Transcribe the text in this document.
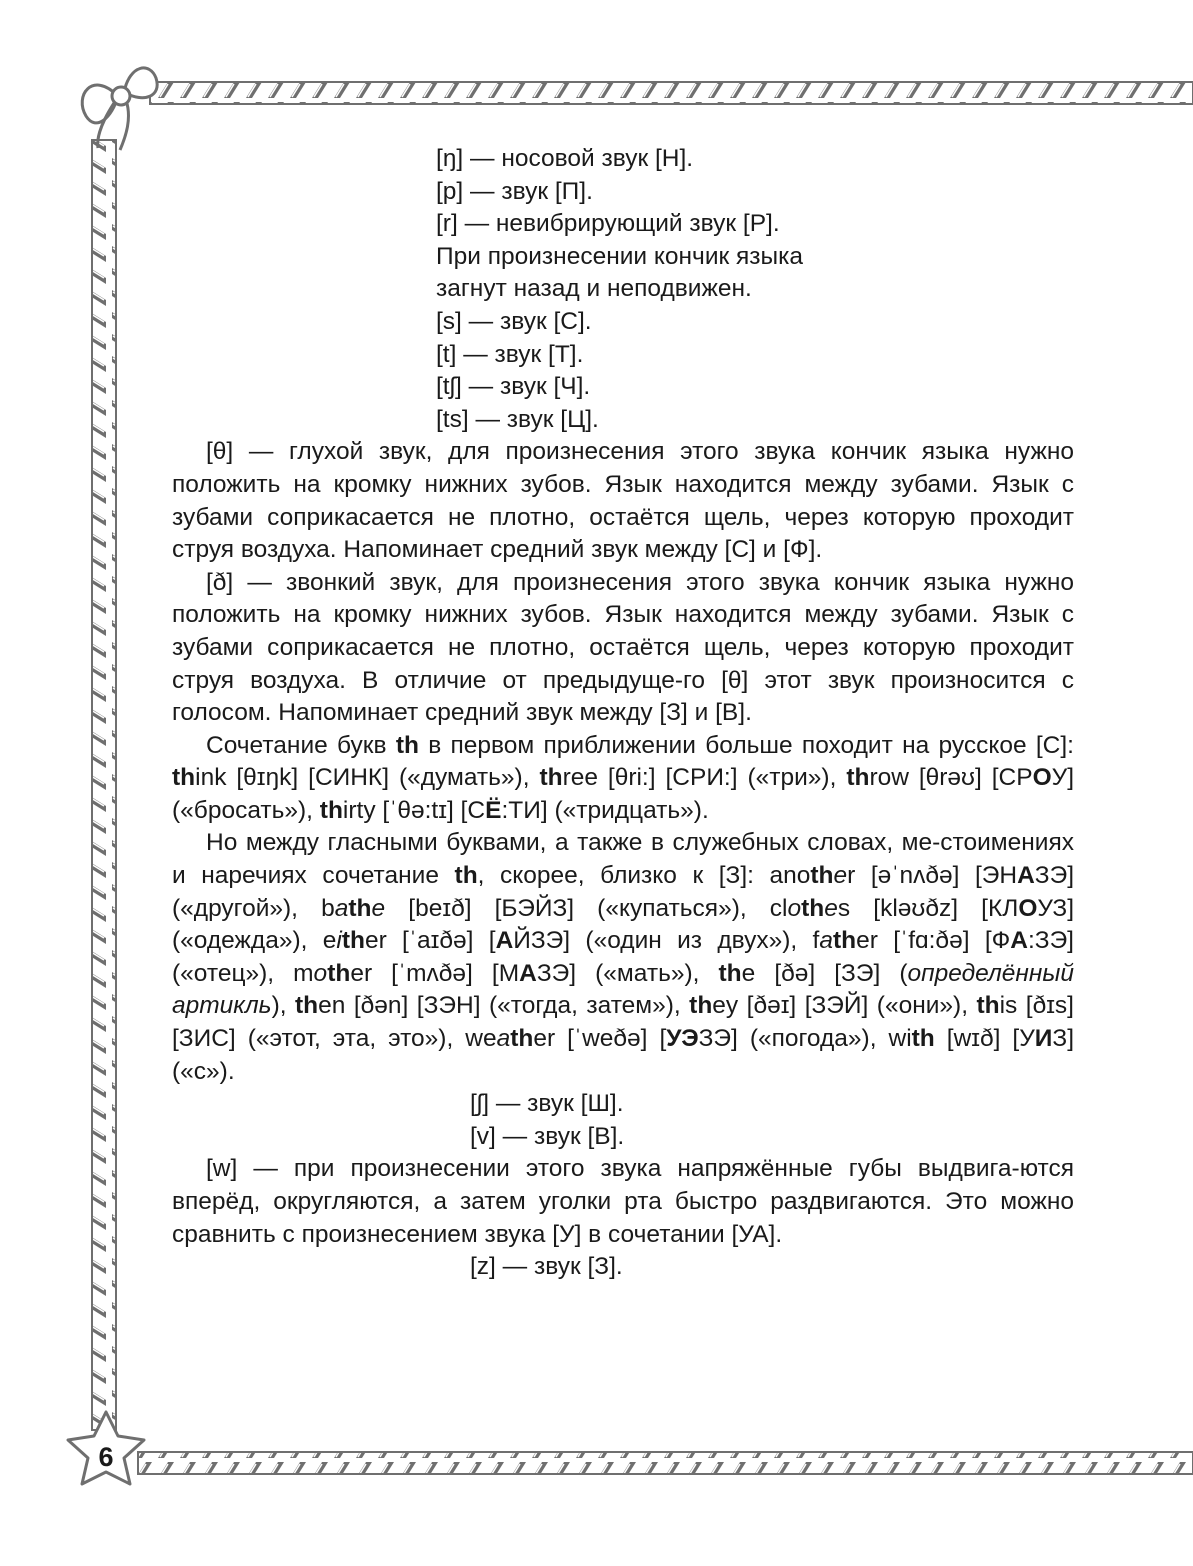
6
[ŋ] — носовой звук [Н].
[p] — звук [П].
[r] — невибрирующий звук [Р].
При произнесении кончик языка
загнут назад и неподвижен.
[s] — звук [С].
[t] — звук [Т].
[tʃ] — звук [Ч].
[ts] — звук [Ц].

[θ] — глухой звук, для произнесения этого звука кончик языка нужно положить на кромку нижних зубов. Язык находится между зубами. Язык с зубами соприкасается не плотно, остаётся щель, через которую проходит струя воздуха. Напоминает средний звук между [С] и [Ф].

[ð] — звонкий звук, для произнесения этого звука кончик языка нужно положить на кромку нижних зубов. Язык находится между зубами. Язык с зубами соприкасается не плотно, остаётся щель, через которую проходит струя воздуха. В отличие от предыдуще-го [θ] этот звук произносится с голосом. Напоминает средний звук между [З] и [В].

Сочетание букв th в первом приближении больше походит на русское [С]: think [θɪŋk] [СИНК] («думать»), three [θri:] [СРИ:] («три»), throw [θrəʊ] [СРОУ] («бросать»), thirty [ˈθə:tɪ] [СЁ:ТИ] («тридцать»).

Но между гласными буквами, а также в служебных словах, ме-стоимениях и наречиях сочетание th, скорее, близко к [З]: another [əˈnʌðə] [ЭНАЗЭ] («другой»), bathe [beɪð] [БЭЙЗ] («купаться»), clothes [kləʊðz] [КЛОУЗ] («одежда»), either [ˈaɪðə] [АЙЗЭ] («один из двух»), father [ˈfɑ:ðə] [ФА:ЗЭ] («отец»), mother [ˈmʌðə] [МАЗЭ] («мать»), the [ðə] [ЗЭ] (определённый артикль), then [ðən] [ЗЭН] («тогда, затем»), they [ðəɪ] [ЗЭЙ] («они»), this [ðɪs] [ЗИС] («этот, эта, это»), weather [ˈweðə] [УЭЗЭ] («погода»), with [wɪð] [УИЗ] («с»).

[ʃ] — звук [Ш].
[v] — звук [В].

[w] — при произнесении этого звука напряжённые губы выдвига-ются вперёд, округляются, а затем уголки рта быстро раздвигаются. Это можно сравнить с произнесением звука [У] в сочетании [УА].

[z] — звук [З].
